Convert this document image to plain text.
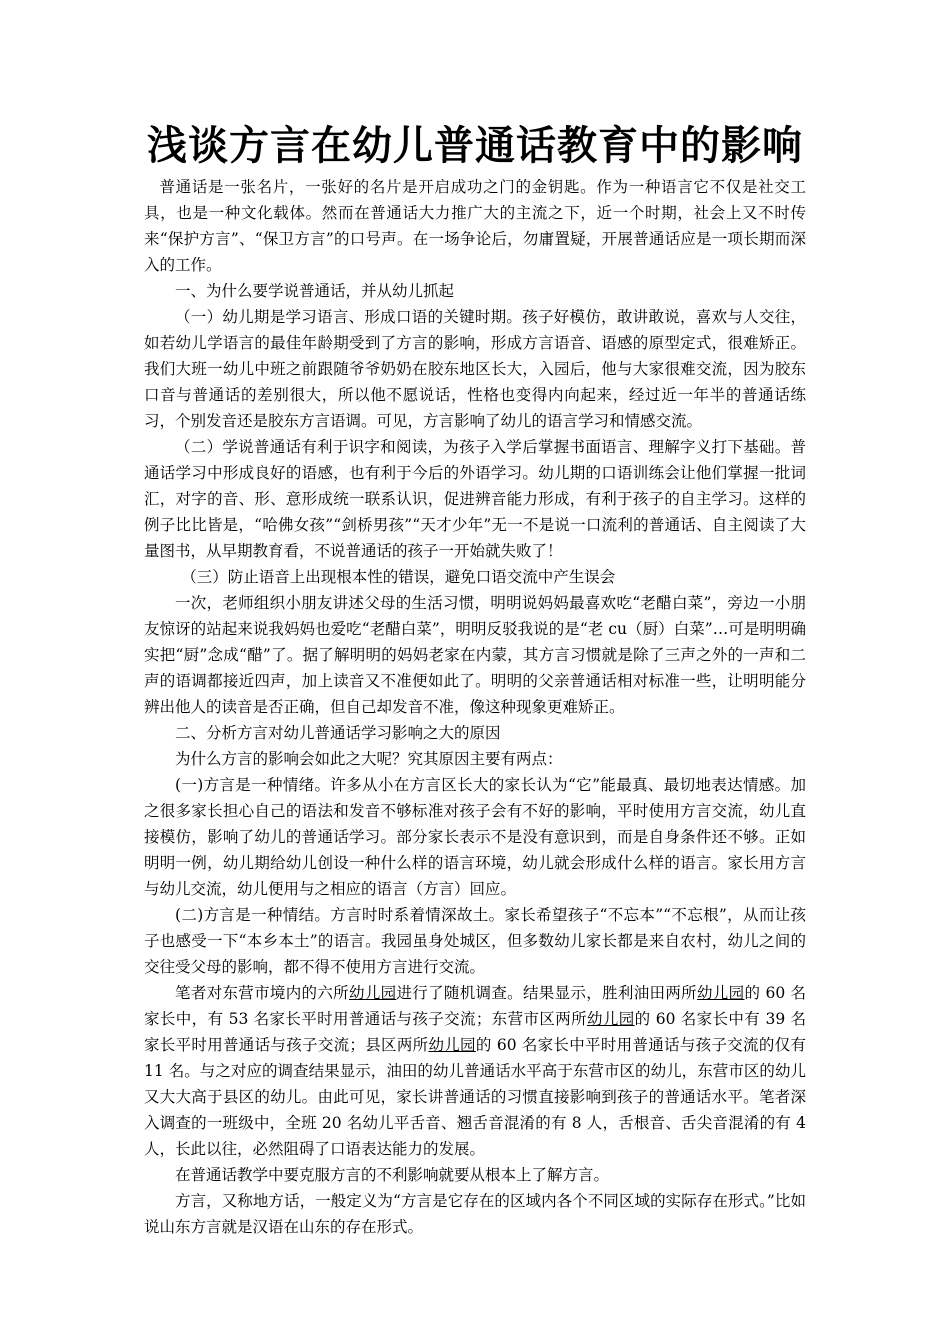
浅谈方言在幼儿普通话教育中的影响

普通话是一张名片，一张好的名片是开启成功之门的金钥匙。作为一种语言它不仅是社交工具，也是一种文化载体。然而在普通话大力推广大的主流之下，近一个时期，社会上又不时传来“保护方言”、“保卫方言”的口号声。在一场争论后，勿庸置疑，开展普通话应是一项长期而深入的工作。

一、为什么要学说普通话，并从幼儿抓起

（一）幼儿期是学习语言、形成口语的关键时期。孩子好模仿，敢讲敢说，喜欢与人交往，如若幼儿学语言的最佳年龄期受到了方言的影响，形成方言语音、语感的原型定式，很难矫正。我们大班一幼儿中班之前跟随爷爷奶奶在胶东地区长大，入园后，他与大家很难交流，因为胶东口音与普通话的差别很大，所以他不愿说话，性格也变得内向起来，经过近一年半的普通话练习，个别发音还是胶东方言语调。可见，方言影响了幼儿的语言学习和情感交流。

（二）学说普通话有利于识字和阅读，为孩子入学后掌握书面语言、理解字义打下基础。普通话学习中形成良好的语感，也有利于今后的外语学习。幼儿期的口语训练会让他们掌握一批词汇，对字的音、形、意形成统一联系认识，促进辨音能力形成，有利于孩子的自主学习。这样的例子比比皆是，“哈佛女孩”“剑桥男孩”“天才少年”无一不是说一口流利的普通话、自主阅读了大量图书，从早期教育看，不说普通话的孩子一开始就失败了！

（三）防止语音上出现根本性的错误，避免口语交流中产生误会

一次，老师组织小朋友讲述父母的生活习惯，明明说妈妈最喜欢吃“老醋白菜”，旁边一小朋友惊讶的站起来说我妈妈也爱吃“老醋白菜”，明明反驳我说的是“老 cu（厨）白菜”…可是明明确实把“厨”念成“醋”了。据了解明明的妈妈老家在内蒙，其方言习惯就是除了三声之外的一声和二声的语调都接近四声，加上读音又不准便如此了。明明的父亲普通话相对标准一些，让明明能分辨出他人的读音是否正确，但自己却发音不准，像这种现象更难矫正。

二、分析方言对幼儿普通话学习影响之大的原因

为什么方言的影响会如此之大呢？究其原因主要有两点：

(一)方言是一种情绪。许多从小在方言区长大的家长认为“它”能最真、最切地表达情感。加之很多家长担心自己的语法和发音不够标准对孩子会有不好的影响，平时使用方言交流，幼儿直接模仿，影响了幼儿的普通话学习。部分家长表示不是没有意识到，而是自身条件还不够。正如明明一例，幼儿期给幼儿创设一种什么样的语言环境，幼儿就会形成什么样的语言。家长用方言与幼儿交流，幼儿便用与之相应的语言（方言）回应。

(二)方言是一种情结。方言时时系着情深故土。家长希望孩子“不忘本”“不忘根”，从而让孩子也感受一下“本乡本土”的语言。我园虽身处城区，但多数幼儿家长都是来自农村，幼儿之间的交往受父母的影响，都不得不使用方言进行交流。

笔者对东营市境内的六所幼儿园进行了随机调查。结果显示，胜利油田两所幼儿园的 60 名家长中，有 53 名家长平时用普通话与孩子交流；东营市区两所幼儿园的 60 名家长中有 39 名家长平时用普通话与孩子交流；县区两所幼儿园的 60 名家长中平时用普通话与孩子交流的仅有 11 名。与之对应的调查结果显示，油田的幼儿普通话水平高于东营市区的幼儿，东营市区的幼儿又大大高于县区的幼儿。由此可见，家长讲普通话的习惯直接影响到孩子的普通话水平。笔者深入调查的一班级中，全班 20 名幼儿平舌音、翘舌音混淆的有 8 人，舌根音、舌尖音混淆的有 4 人，长此以往，必然阻碍了口语表达能力的发展。

在普通话教学中要克服方言的不利影响就要从根本上了解方言。

方言，又称地方话，一般定义为“方言是它存在的区域内各个不同区域的实际存在形式。”比如说山东方言就是汉语在山东的存在形式。
